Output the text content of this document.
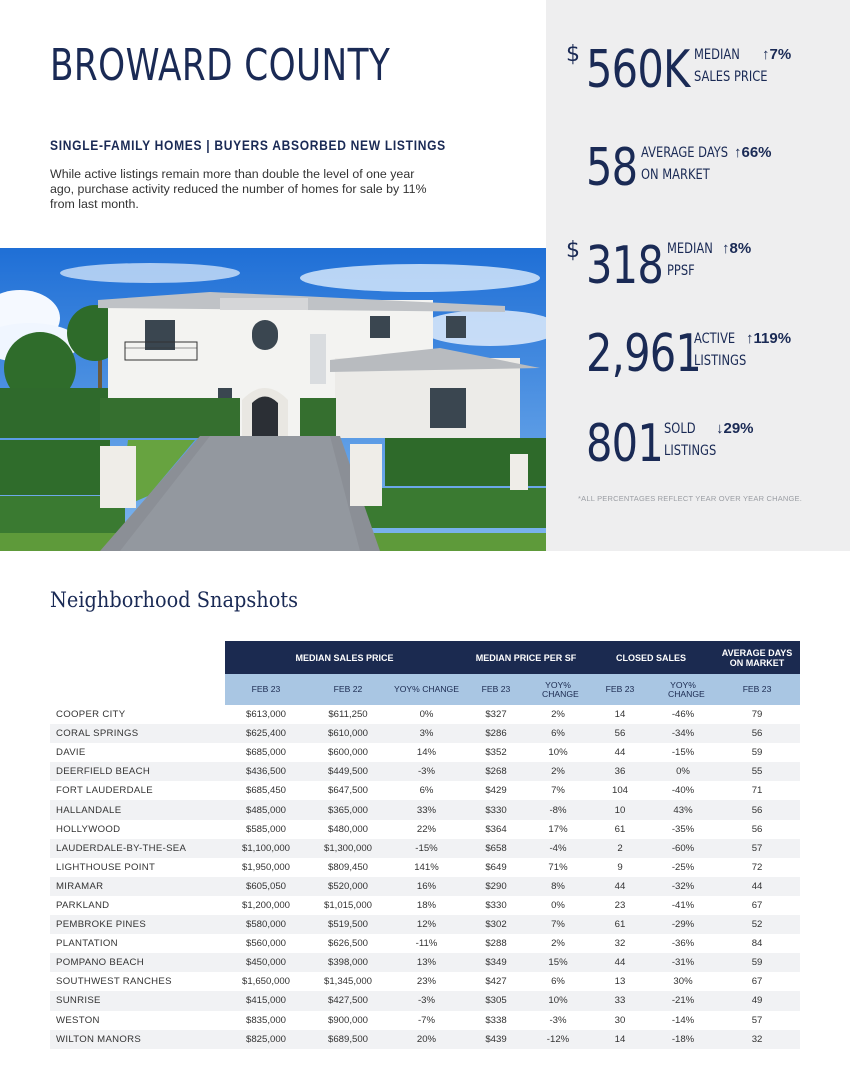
BROWARD COUNTY
SINGLE-FAMILY HOMES | BUYERS ABSORBED NEW LISTINGS
While active listings remain more than double the level of one year ago, purchase activity reduced the number of homes for sale by 11% from last month.
$ 560K MEDIAN
SALES PRICE
↑7%
58 AVERAGE DAYS
ON MARKET
↑66%
$ 318 MEDIAN
PPSF
↑8%
2,961
ACTIVE
LISTINGS
↑119%
801 SOLD
LISTINGS
↓29%
*ALL PERCENTAGES REFLECT YEAR OVER YEAR CHANGE.
Neighborhood Snapshots
	MEDIAN SALES PRICE			MEDIAN PRICE PER SF		CLOSED SALES		AVERAGE DAYS ON MARKET
	FEB 23	FEB 22	YOY% CHANGE	FEB 23	YOY% CHANGE	FEB 23	YOY% CHANGE	FEB 23
COOPER CITY	$613,000	$611,250	0%	$327	2%	14	-46%	79
CORAL SPRINGS	$625,400	$610,000	3%	$286	6%	56	-34%	56
DAVIE	$685,000	$600,000	14%	$352	10%	44	-15%	59
DEERFIELD BEACH	$436,500	$449,500	-3%	$268	2%	36	0%	55
FORT LAUDERDALE	$685,450	$647,500	6%	$429	7%	104	-40%	71
HALLANDALE	$485,000	$365,000	33%	$330	-8%	10	43%	56
HOLLYWOOD	$585,000	$480,000	22%	$364	17%	61	-35%	56
LAUDERDALE-BY-THE-SEA	$1,100,000	$1,300,000	-15%	$658	-4%	2	-60%	57
LIGHTHOUSE POINT	$1,950,000	$809,450	141%	$649	71%	9	-25%	72
MIRAMAR	$605,050	$520,000	16%	$290	8%	44	-32%	44
PARKLAND	$1,200,000	$1,015,000	18%	$330	0%	23	-41%	67
PEMBROKE PINES	$580,000	$519,500	12%	$302	7%	61	-29%	52
PLANTATION	$560,000	$626,500	-11%	$288	2%	32	-36%	84
POMPANO BEACH	$450,000	$398,000	13%	$349	15%	44	-31%	59
SOUTHWEST RANCHES	$1,650,000	$1,345,000	23%	$427	6%	13	30%	67
SUNRISE	$415,000	$427,500	-3%	$305	10%	33	-21%	49
WESTON	$835,000	$900,000	-7%	$338	-3%	30	-14%	57
WILTON MANORS	$825,000	$689,500	20%	$439	-12%	14	-18%	32
